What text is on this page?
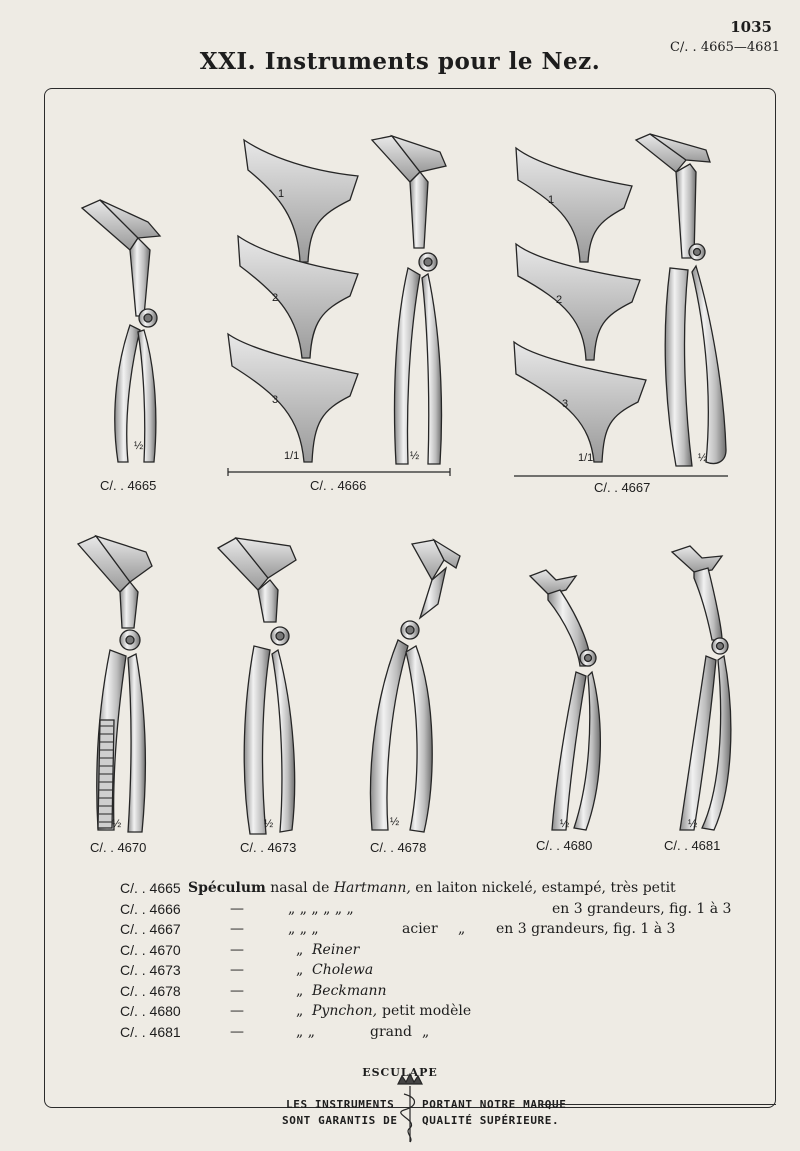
1035
C/. . 4665—4681
XXI. Instruments pour le Nez.
C/. . 4665	C/. . 4666	C/. . 4667
C/. . 4670	C/. . 4673	C/. . 4678	C/. . 4680	C/. . 4681
1
2
3
1
2
3
½
1/1	½	1/1	½
½	½	½	½	½
C/. . 4665 Spéculum nasal de Hartmann, en laiton nickelé, estampé, très petit
C/. . 4666	—	„ „ „ „ „ „	en 3 grandeurs, fig. 1 à 3
C/. . 4667	—	„ „ „	acier „ en 3 grandeurs, fig. 1 à 3
C/. . 4670	—	„ Reiner
C/. . 4673	—	„ Cholewa
C/. . 4678	—	„ Beckmann
C/. . 4680	—	„ Pynchon, petit modèle
C/. . 4681	—	„ „	grand „
ESCULAPE
LES INSTRUMENTS	PORTANT NOTRE MARQUE
SONT GARANTIS DE QUALITÉ SUPÉRIEURE.
